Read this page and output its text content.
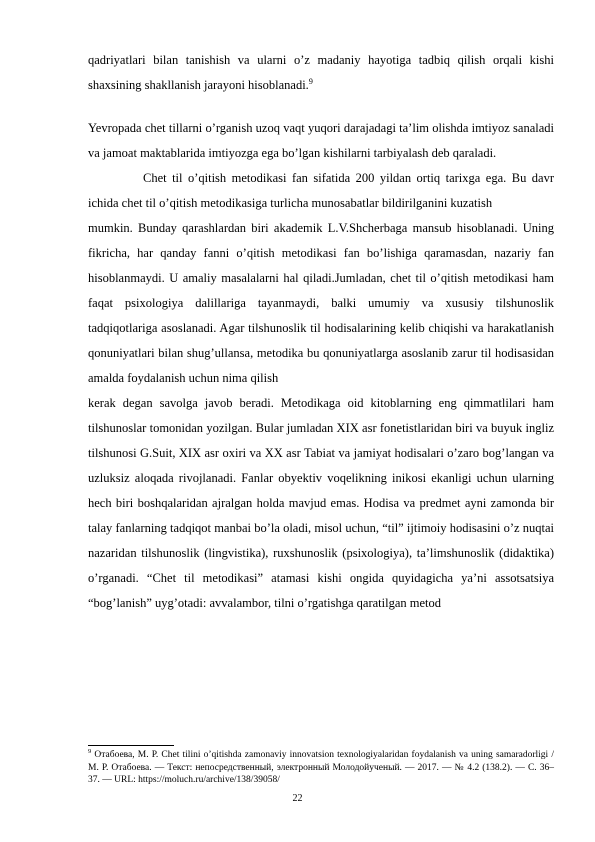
qadriyatlari bilan tanishish va ularni o’z madaniy hayotiga tadbiq qilish orqali kishi shaxsining shakllanish jarayoni hisoblanadi.$^9$

Yevropada chet tillarni o’rganish uzoq vaqt yuqori darajadagi ta’lim olishda imtiyoz sanaladi va jamoat maktablarida imtiyozga ega bo’lgan kishilarni tarbiyalash deb qaraladi.

Chet til o’qitish metodikasi fan sifatida 200 yildan ortiq tarixga ega. Bu davr ichida chet til o’qitish metodikasiga turlicha munosabatlar bildirilganini kuzatish

mumkin. Bunday qarashlardan biri akademik L.V.Shcherbaga mansub hisoblanadi. Uning fikricha, har qanday fanni o’qitish metodikasi fan bo’lishiga qaramasdan, nazariy fan hisoblanmaydi. U amaliy masalalarni hal qiladi.Jumladan, chet til o’qitish metodikasi ham faqat psixologiya dalillariga tayanmaydi, balki umumiy va xususiy tilshunoslik tadqiqotlariga asoslanadi. Agar tilshunoslik til hodisalarining kelib chiqishi va harakatlanish qonuniyatlari bilan shug’ullansa, metodika bu qonuniyatlarga asoslanib zarur til hodisasidan amalda foydalanish uchun nima qilish

kerak degan savolga javob beradi. Metodikaga oid kitoblarning eng qimmatlilari ham tilshunoslar tomonidan yozilgan. Bular jumladan XIX asr fonetistlaridan biri va buyuk ingliz tilshunosi G.Suit, XIX asr oxiri va XX asr Tabiat va jamiyat hodisalari o’zaro bog’langan va uzluksiz aloqada rivojlanadi. Fanlar obyektiv voqelikning inikosi ekanligi uchun ularning hech biri boshqalaridan ajralgan holda mavjud emas. Hodisa va predmet ayni zamonda bir talay fanlarning tadqiqot manbai bo’la oladi, misol uchun, “til” ijtimoiy hodisasini o’z nuqtai nazaridan tilshunoslik (lingvistika), ruxshunoslik (psixologiya), ta’limshunoslik (didaktika) o’rganadi. “Chet til metodikasi” atamasi kishi ongida quyidagicha ya’ni assotsatsiya “bog’lanish” uyg’otadi: avvalambor, tilni o’rgatishga qaratilgan metod

$^9$ Отабоева, М. Р. Chet tilini o’qitishda zamonaviy innovatsion texnologiyalaridan foydalanish va uning samaradorligi / М. Р. Отабоева. — Текст: непосредственный, электронный Молодойученый. — 2017. — № 4.2 (138.2). — С. 36–37. — URL: https://moluch.ru/archive/138/39058/

22
